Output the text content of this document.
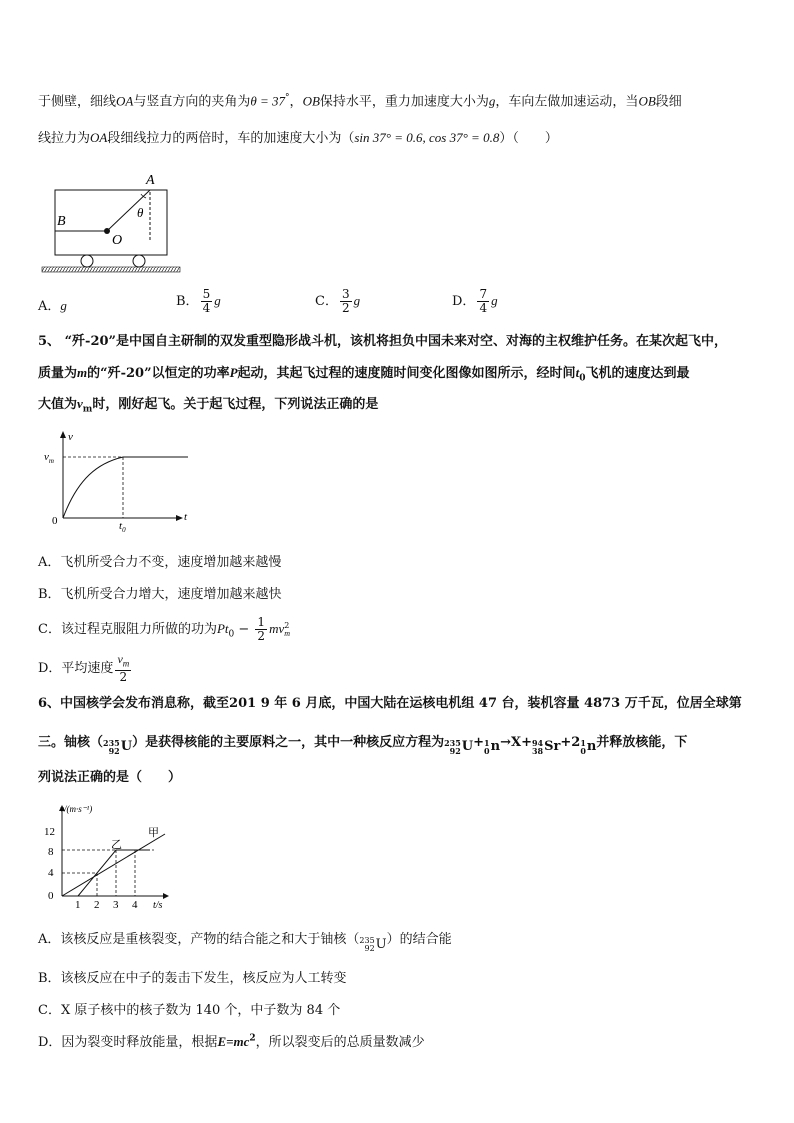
于侧壁，细线OA与竖直方向的夹角为θ = 37°，OB保持水平，重力加速度大小为g，车向左做加速运动，当OB段细
线拉力为OA段细线拉力的两倍时，车的加速度大小为（sin 37° = 0.6, cos 37° = 0.8）（　　）
A
B
O
θ
A．g	B． $\frac{5}{4}$ g	C． $\frac{3}{2}$ g	D． $\frac{7}{4}$ g
5、 “歼-20”是中国自主研制的双发重型隐形战斗机，该机将担负中国未来对空、对海的主权维护任务。在某次起飞中，
质量为m的“歼-20”以恒定的功率P起动，其起飞过程的速度随时间变化图像如图所示，经时间$t_0$飞机的速度达到最
大值为$v_m$时，刚好起飞。关于起飞过程，下列说法正确的是
v
$v_m$
0	$t_0$
t
A．飞机所受合力不变，速度增加越来越慢
B．飞机所受合力增大，速度增加越来越快
C．该过程克服阻力所做的功为$Pt_0 - \frac{1}{2}$ mv 2
m
D．平均速度 $\frac{v_m}{2}$
6、中国核学会发布消息称，截至201 9 年 6 月底，中国大陆在运核电机组 47 台，装机容量 4873 万千瓦，位居全球第
三。铀核（ 235
92 U ）是获得核能的主要原料之一，其中一种核反应方程为 235
92 U + 1
0 n →X+ 94
38 Sr +2 1
0 n 并释放核能，下
列说法正确的是（　　）
v/(m·s⁻¹)
12
8
4
0
1 2 3 4 t/s
甲
乙
A．该核反应是重核裂变，产物的结合能之和大于铀核（ 235
92 U ）的结合能
B．该核反应在中子的轰击下发生，核反应为人工转变
C．X 原子核中的核子数为 140 个，中子数为 84 个
D．因为裂变时释放能量，根据$E=mc^2$，所以裂变后的总质量数减少
